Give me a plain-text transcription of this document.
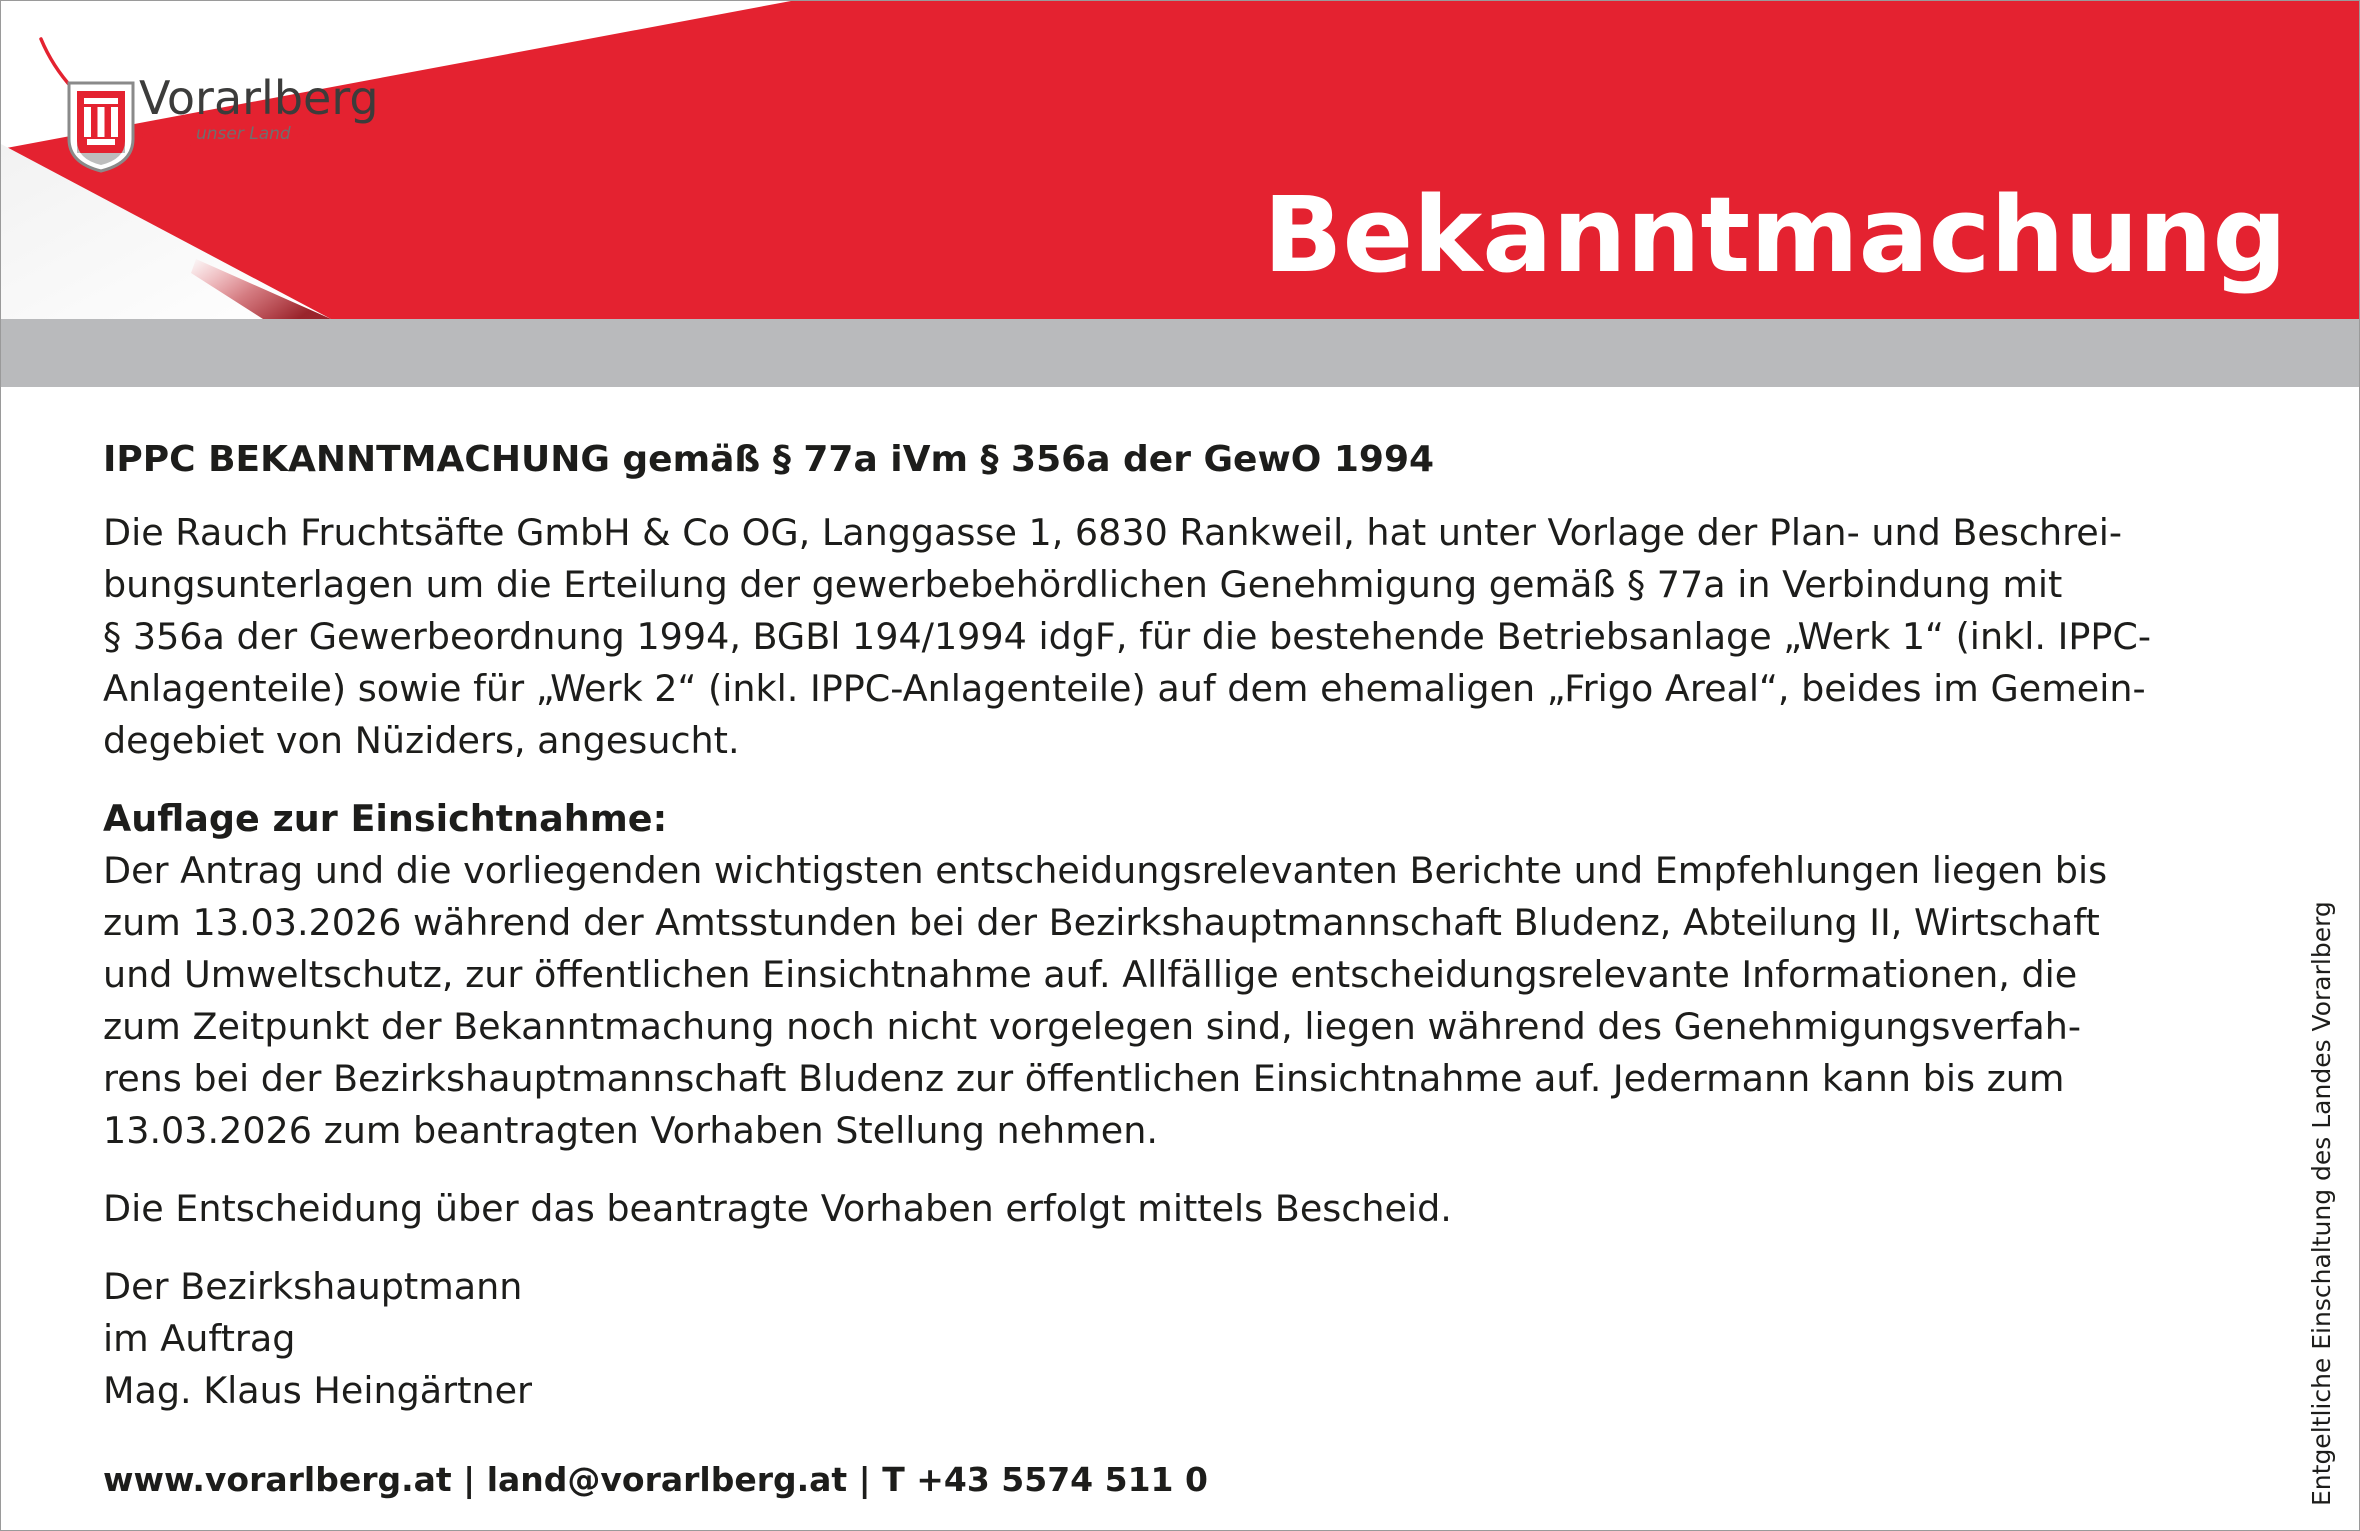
Vorarlberg
unser Land
Bekanntmachung

IPPC BEKANNTMACHUNG gemäß § 77a iVm § 356a der GewO 1994

Die Rauch Fruchtsäfte GmbH & Co OG, Langgasse 1, 6830 Rankweil, hat unter Vorlage der Plan- und Beschrei-

bungsunterlagen um die Erteilung der gewerbebehördlichen Genehmigung gemäß § 77a in Verbindung mit

§ 356a der Gewerbeordnung 1994, BGBl 194/1994 idgF, für die bestehende Betriebsanlage „Werk 1“ (inkl. IPPC-

Anlagenteile) sowie für „Werk 2“ (inkl. IPPC-Anlagenteile) auf dem ehemaligen „Frigo Areal“, beides im Gemein-

degebiet von Nüziders, angesucht.

Auflage zur Einsichtnahme:

Der Antrag und die vorliegenden wichtigsten entscheidungsrelevanten Berichte und Empfehlungen liegen bis

zum 13.03.2026 während der Amtsstunden bei der Bezirkshauptmannschaft Bludenz, Abteilung II, Wirtschaft

und Umweltschutz, zur öffentlichen Einsichtnahme auf. Allfällige entscheidungsrelevante Informationen, die

zum Zeitpunkt der Bekanntmachung noch nicht vorgelegen sind, liegen während des Genehmigungsverfah-

rens bei der Bezirkshauptmannschaft Bludenz zur öffentlichen Einsichtnahme auf. Jedermann kann bis zum

13.03.2026 zum beantragten Vorhaben Stellung nehmen.

Die Entscheidung über das beantragte Vorhaben erfolgt mittels Bescheid.

Der Bezirkshauptmann

im Auftrag

Mag. Klaus Heingärtner

www.vorarlberg.at | land@vorarlberg.at | T +43 5574 511 0	Entgeltliche Einschaltung des Landes Vorarlberg
